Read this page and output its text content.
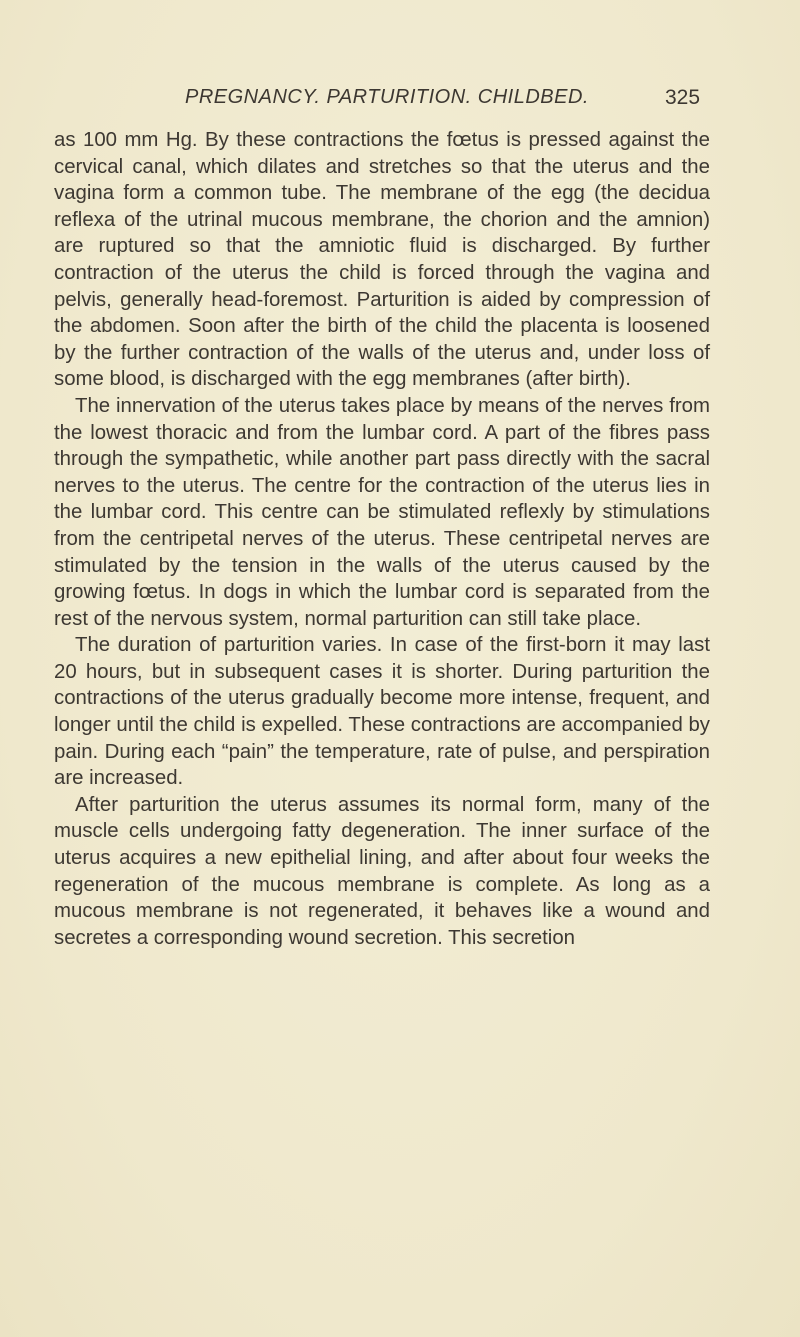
PREGNANCY. PARTURITION. CHILDBED.	325

as 100 mm Hg. By these contractions the fœtus is pressed against the cervical canal, which dilates and stretches so that the uterus and the vagina form a common tube. The membrane of the egg (the decidua reflexa of the utrinal mucous membrane, the chorion and the amnion) are ruptured so that the amniotic fluid is discharged. By further contraction of the uterus the child is forced through the vagina and pelvis, generally head-foremost. Parturition is aided by compression of the abdomen. Soon after the birth of the child the placenta is loosened by the further contraction of the walls of the uterus and, under loss of some blood, is discharged with the egg membranes (after birth).

The innervation of the uterus takes place by means of the nerves from the lowest thoracic and from the lumbar cord. A part of the fibres pass through the sympathetic, while another part pass directly with the sacral nerves to the uterus. The centre for the contraction of the uterus lies in the lumbar cord. This centre can be stimulated reflexly by stimulations from the centripetal nerves of the uterus. These centripetal nerves are stimulated by the tension in the walls of the uterus caused by the growing fœtus. In dogs in which the lumbar cord is separated from the rest of the nervous system, normal parturition can still take place.

The duration of parturition varies. In case of the first-born it may last 20 hours, but in subsequent cases it is shorter. During parturition the contractions of the uterus gradually become more intense, frequent, and longer until the child is expelled. These contractions are accompanied by pain. During each “pain” the temperature, rate of pulse, and perspiration are increased.

After parturition the uterus assumes its normal form, many of the muscle cells undergoing fatty degeneration. The inner surface of the uterus acquires a new epithelial lining, and after about four weeks the regeneration of the mucous membrane is complete. As long as a mucous membrane is not regenerated, it behaves like a wound and secretes a corresponding wound secretion. This secretion
